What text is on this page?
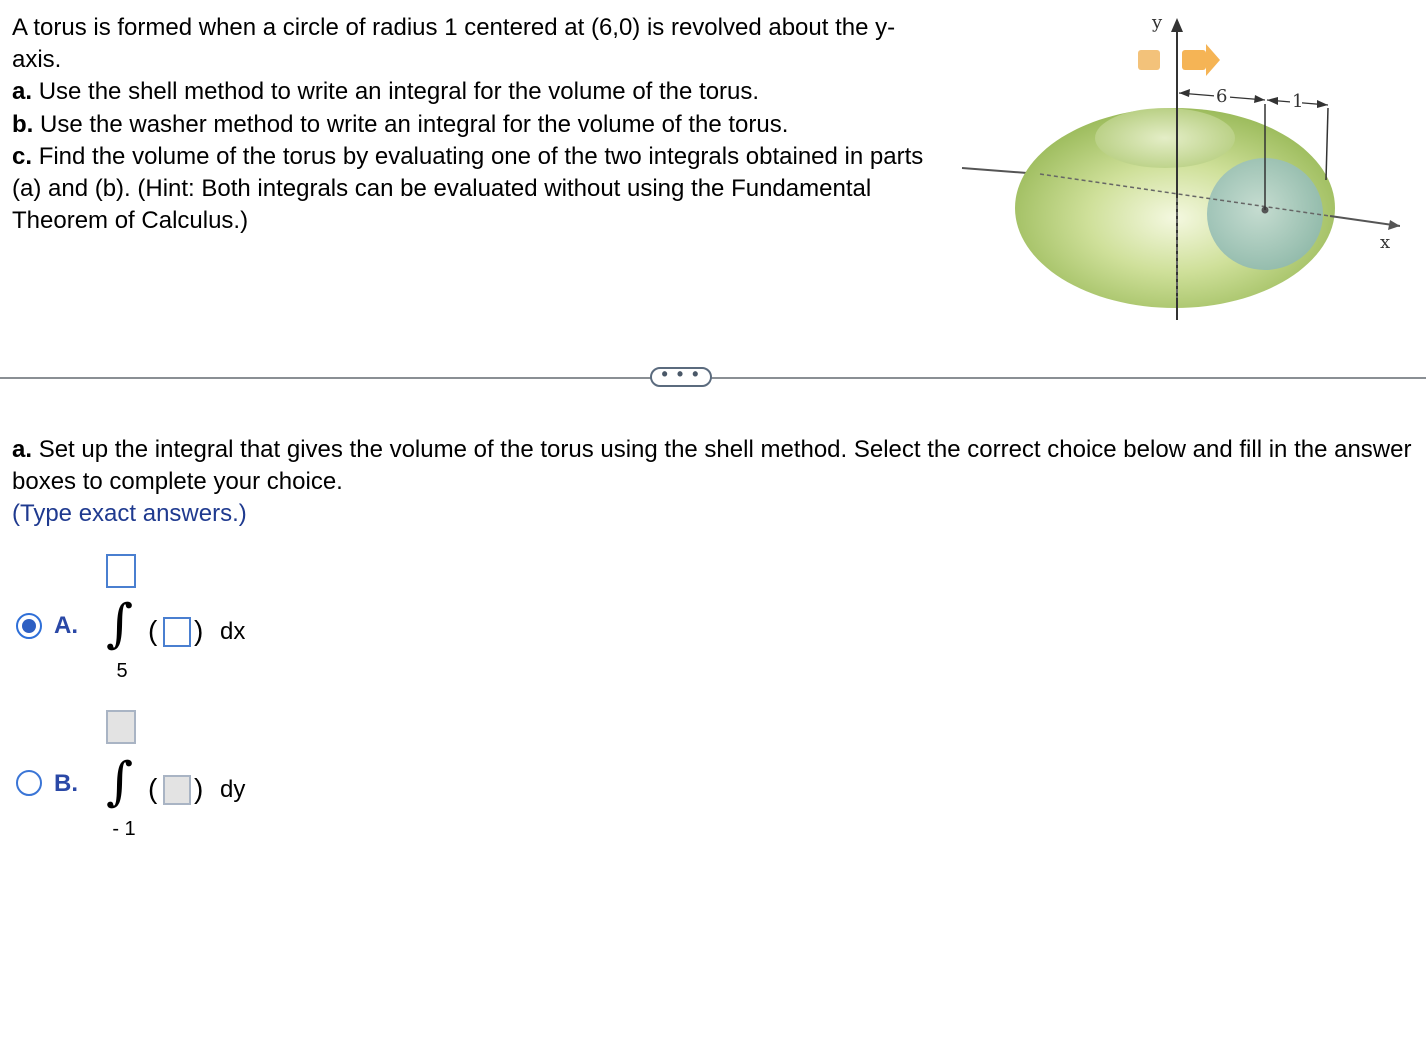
A torus is formed when a circle of radius 1 centered at (6,0) is revolved about the y-axis.

a. Use the shell method to write an integral for the volume of the torus.

b. Use the washer method to write an integral for the volume of the torus.

c. Find the volume of the torus by evaluating one of the two integrals obtained in parts (a) and (b). (Hint: Both integrals can be evaluated without using the Fundamental Theorem of Calculus.)

x
y
6	1
• • •

a. Set up the integral that gives the volume of the torus using the shell method. Select the correct choice below and fill in the answer boxes to complete your choice.

(Type exact answers.)

A. ∫
5
( ) dx
B. ∫
- 1
( ) dy
